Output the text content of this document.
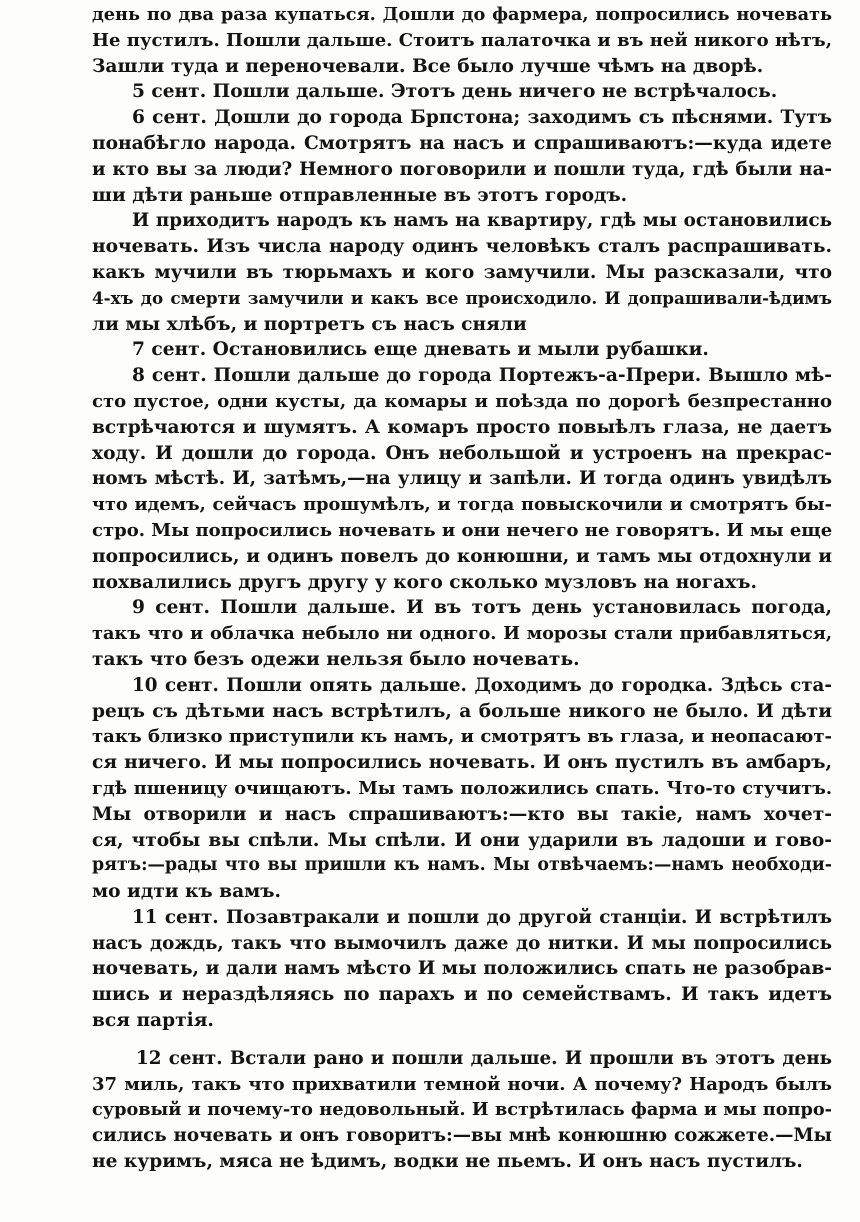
день по два раза купаться. Дошли до фармера, попросились ночевать
Не пустилъ. Пошли дальше. Стоитъ палаточка и въ ней никого нѣтъ,
Зашли туда и переночевали. Все было лучше чѣмъ на дворѣ.
5 сент. Пошли дальше. Этотъ день ничего не встрѣчалось.
6 сент. Дошли до города Брпстона; заходимъ съ пѣснями. Тутъ
понабѣгло народа. Смотрятъ на насъ и спрашиваютъ:—куда идете
и кто вы за люди? Немного поговорили и пошли туда, гдѣ были на-
ши дѣти раньше отправленные въ этотъ городъ.
И приходитъ народъ къ намъ на квартиру, гдѣ мы остановились
ночевать. Изъ числа народу одинъ человѣкъ сталъ распрашивать.
какъ мучили въ тюрьмахъ и кого замучили. Мы разсказали, что
4-хъ до смерти замучили и какъ все происходило. И допрашивали-ѣдимъ
ли мы хлѣбъ, и портретъ съ насъ сняли
7 сент. Остановились еще дневать и мыли рубашки.
8 сент. Пошли дальше до города Портежъ-а-Прери. Вышло мѣ-
сто пустое, одни кусты, да комары и поѣзда по дорогѣ безпрестанно
встрѣчаются и шумятъ. А комаръ просто повыѣлъ глаза, не даетъ
ходу. И дошли до города. Онъ небольшой и устроенъ на прекрас-
номъ мѣстѣ. И, затѣмъ,—на улицу и запѣли. И тогда одинъ увидѣлъ
что идемъ, сейчасъ прошумѣлъ, и тогда повыскочили и смотрятъ бы-
стро. Мы попросились ночевать и они нечего не говорятъ. И мы еще
попросились, и одинъ повелъ до конюшни, и тамъ мы отдохнули и
похвалились другъ другу у кого сколько музловъ на ногахъ.
9 сент. Пошли дальше. И въ тотъ день установилась погода,
такъ что и облачка небыло ни одного. И морозы стали прибавляться,
такъ что безъ одежи нельзя было ночевать.
10 сент. Пошли опять дальше. Доходимъ до городка. Здѣсь ста-
рецъ съ дѣтьми насъ встрѣтилъ, а больше никого не было. И дѣти
такъ близко приступили къ намъ, и смотрятъ въ глаза, и неопасают-
ся ничего. И мы попросились ночевать. И онъ пустилъ въ амбаръ,
гдѣ пшеницу очищаютъ. Мы тамъ положились спать. Что-то стучитъ.
Мы отворили и насъ спрашиваютъ:—кто вы такіе, намъ хочет-
ся, чтобы вы спѣли. Мы спѣли. И они ударили въ ладоши и гово-
рятъ:—рады что вы пришли къ намъ. Мы отвѣчаемъ:—намъ необходи-
мо идти къ вамъ.
11 сент. Позавтракали и пошли до другой станціи. И встрѣтилъ
насъ дождь, такъ что вымочилъ даже до нитки. И мы попросились
ночевать, и дали намъ мѣсто И мы положились спать не разобрав-
шись и нераздѣляясь по парахъ и по семействамъ. И такъ идетъ
вся партія.
12 сент. Встали рано и пошли дальше. И прошли въ этотъ день
37 миль, такъ что прихватили темной ночи. А почему? Народъ былъ
суровый и почему-то недовольный. И встрѣтилась фарма и мы попро-
сились ночевать и онъ говоритъ:—вы мнѣ конюшню сожжете.—Мы
не куримъ, мяса не ѣдимъ, водки не пьемъ. И онъ насъ пустилъ.
